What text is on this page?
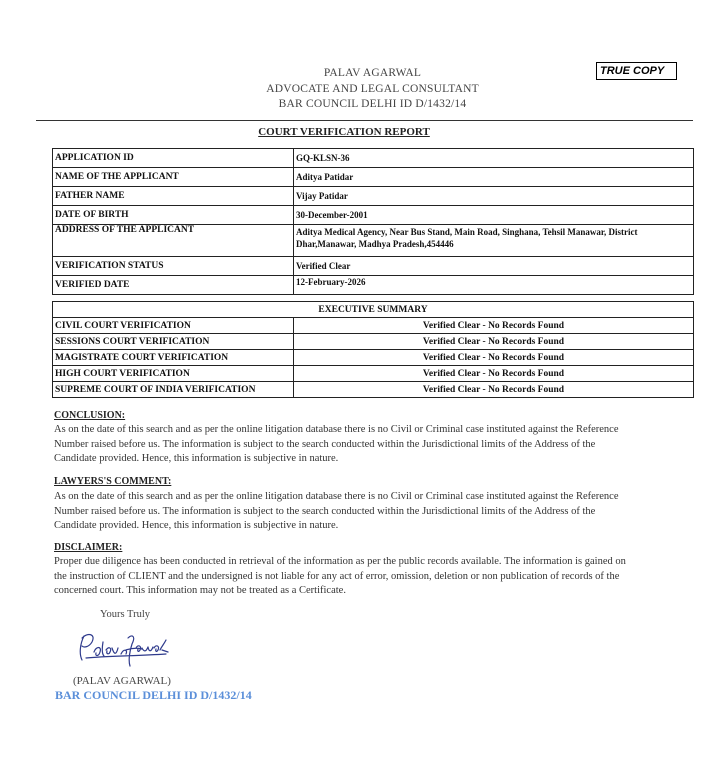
PALAV AGARWAL
ADVOCATE AND LEGAL CONSULTANT
BAR COUNCIL DELHI ID D/1432/14
TRUE COPY
COURT VERIFICATION REPORT
APPLICATION ID	GQ-KLSN-36
NAME OF THE APPLICANT	Aditya Patidar
FATHER NAME	Vijay Patidar
DATE OF BIRTH	30-December-2001
ADDRESS OF THE APPLICANT	Aditya Medical Agency, Near Bus Stand, Main Road, Singhana, Tehsil Manawar, District Dhar,Manawar, Madhya Pradesh,454446
VERIFICATION STATUS	Verified Clear
VERIFIED DATE	12-February-2026
EXECUTIVE SUMMARY	
CIVIL COURT VERIFICATION	Verified Clear - No Records Found
SESSIONS COURT VERIFICATION	Verified Clear - No Records Found
MAGISTRATE COURT VERIFICATION	Verified Clear - No Records Found
HIGH COURT VERIFICATION	Verified Clear - No Records Found
SUPREME COURT OF INDIA VERIFICATION	Verified Clear - No Records Found
CONCLUSION:
As on the date of this search and as per the online litigation database there is no Civil or Criminal case instituted against the Reference
Number raised before us. The information is subject to the search conducted within the Jurisdictional limits of the Address of the
Candidate provided. Hence, this information is subjective in nature.
LAWYERS'S COMMENT:
As on the date of this search and as per the online litigation database there is no Civil or Criminal case instituted against the Reference
Number raised before us. The information is subject to the search conducted within the Jurisdictional limits of the Address of the
Candidate provided. Hence, this information is subjective in nature.
DISCLAIMER:
Proper due diligence has been conducted in retrieval of the information as per the public records available. The information is gained on
the instruction of CLIENT and the undersigned is not liable for any act of error, omission, deletion or non publication of records of the
concerned court. This information may not be treated as a Certificate.
Yours Truly
(PALAV AGARWAL)
BAR COUNCIL DELHI ID D/1432/14
